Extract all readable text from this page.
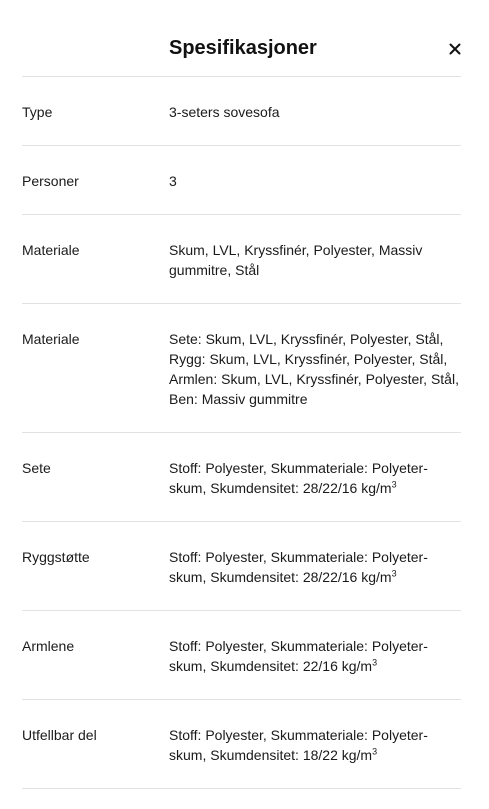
Spesifikasjoner
Type	3-seters sovesofa
Personer	3
Materiale	Skum, LVL, Kryssfinér, Polyester, Massiv gummitre, Stål
Materiale	Sete: Skum, LVL, Kryssfinér, Polyester, Stål, Rygg: Skum, LVL, Kryssfinér, Polyester, Stål, Armlen: Skum, LVL, Kryssfinér, Polyester, Stål, Ben: Massiv gummitre
Sete	Stoff: Polyester, Skummateriale: Polyeter-skum, Skumdensitet: 28/22/16 $kg/m^3$
Ryggstøtte	Stoff: Polyester, Skummateriale: Polyeter-skum, Skumdensitet: 28/22/16 $kg/m^3$
Armlene	Stoff: Polyester, Skummateriale: Polyeter-skum, Skumdensitet: 22/16 $kg/m^3$
Utfellbar del	Stoff: Polyester, Skummateriale: Polyeter-skum, Skumdensitet: 18/22 $kg/m^3$
